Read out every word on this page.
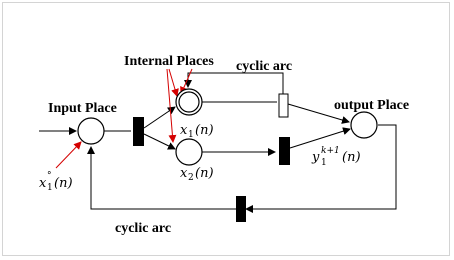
Internal Places cyclic arc
Input Place	output Place
cyclic arc
x 1 (n)
x 2 (n)
x °
1 (n)
y k+1
1 (n)
